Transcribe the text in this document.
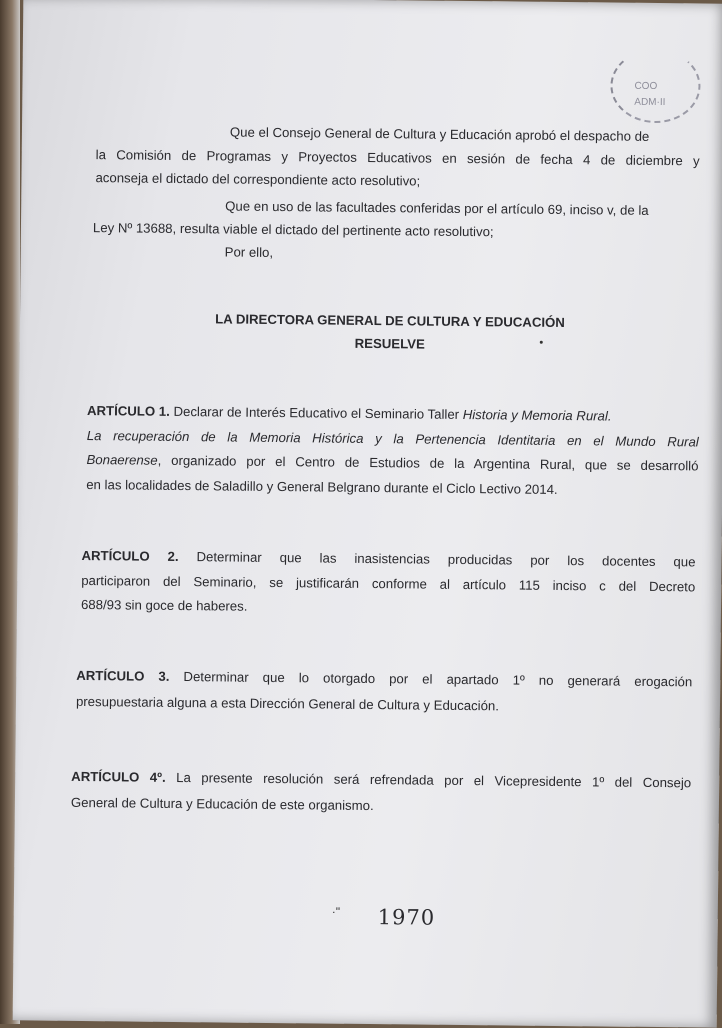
COO
ADM·II
Que el Consejo General de Cultura y Educación aprobó el despacho de
la Comisión de Programas y Proyectos Educativos en sesión de fecha 4 de diciembre y
aconseja el dictado del correspondiente acto resolutivo;
Que en uso de las facultades conferidas por el artículo 69, inciso v, de la
Ley Nº 13688, resulta viable el dictado del pertinente acto resolutivo;
Por ello,
LA DIRECTORA GENERAL DE CULTURA Y EDUCACIÓN
RESUELVE
ARTÍCULO 1. Declarar de Interés Educativo el Seminario Taller Historia y Memoria Rural.
La recuperación de la Memoria Histórica y la Pertenencia Identitaria en el Mundo Rural
Bonaerense, organizado por el Centro de Estudios de la Argentina Rural, que se desarrolló
en las localidades de Saladillo y General Belgrano durante el Ciclo Lectivo 2014.
ARTÍCULO 2. Determinar que las inasistencias producidas por los docentes que
participaron del Seminario, se justificarán conforme al artículo 115 inciso c del Decreto
688/93 sin goce de haberes.
ARTÍCULO 3. Determinar que lo otorgado por el apartado 1º no generará erogación
presupuestaria alguna a esta Dirección General de Cultura y Educación.
ARTÍCULO 4º. La presente resolución será refrendada por el Vicepresidente 1º del Consejo
General de Cultura y Educación de este organismo.
·" 1970
